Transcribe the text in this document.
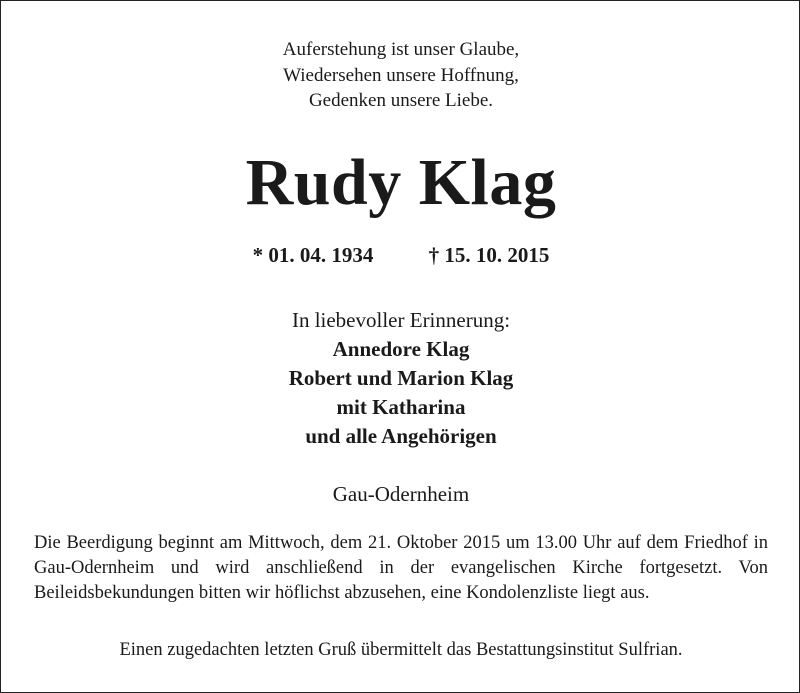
Auferstehung ist unser Glaube,
Wiedersehen unsere Hoffnung,
Gedenken unsere Liebe.
Rudy Klag
* 01. 04. 1934	† 15. 10. 2015
In liebevoller Erinnerung:
Annedore Klag
Robert und Marion Klag
mit Katharina
und alle Angehörigen
Gau-Odernheim
Die Beerdigung beginnt am Mittwoch, dem 21. Oktober 2015 um 13.00 Uhr auf dem Friedhof in Gau-Odernheim und wird anschließend in der evangelischen Kirche fortgesetzt. Von Beileidsbekundungen bitten wir höflichst abzusehen, eine Kondolenzliste liegt aus.
Einen zugedachten letzten Gruß übermittelt das Bestattungsinstitut Sulfrian.
